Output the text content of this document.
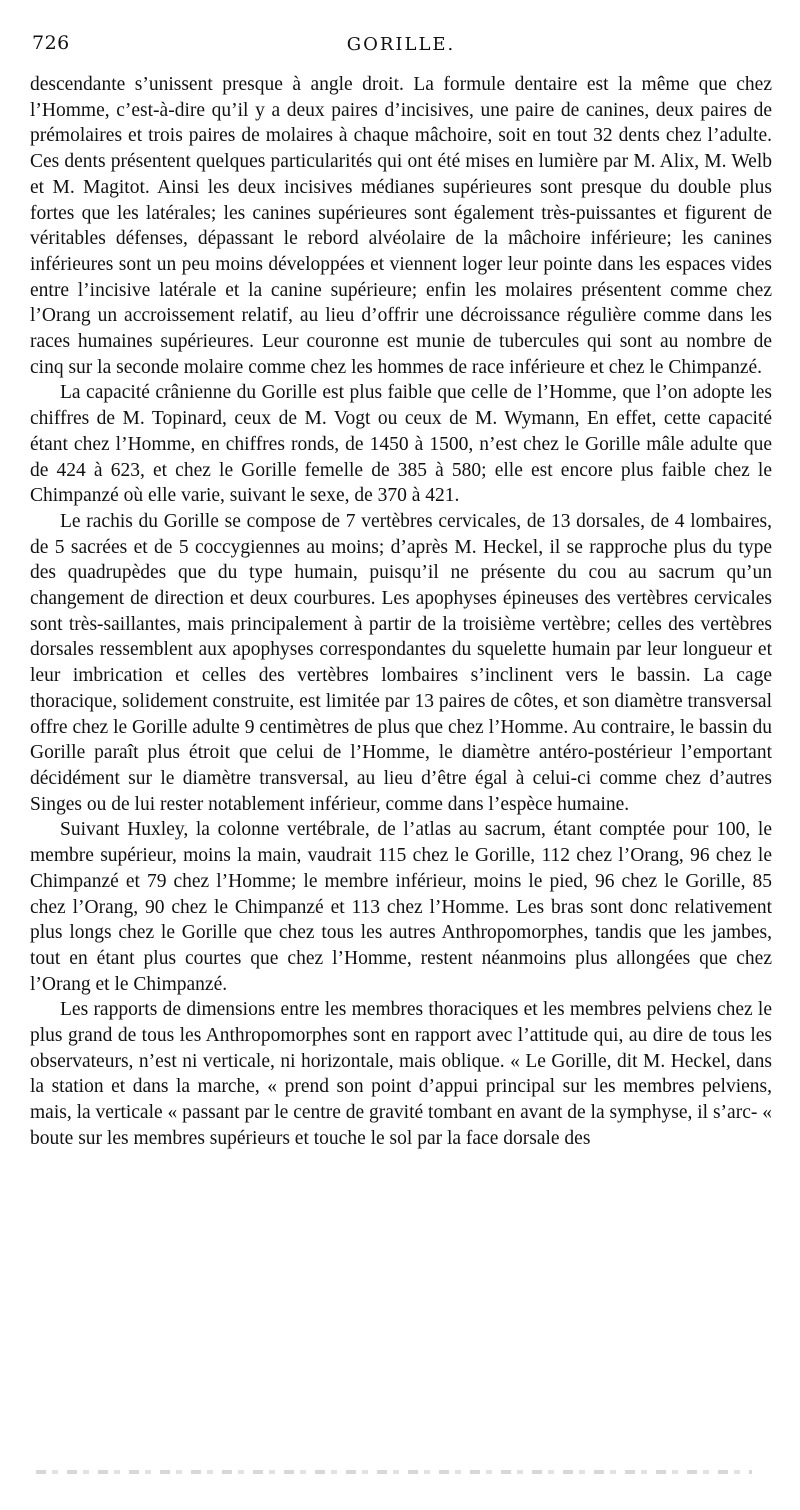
726	GORILLE.

descendante s’unissent presque à angle droit. La formule dentaire est la même que chez l’Homme, c’est-à-dire qu’il y a deux paires d’incisives, une paire de canines, deux paires de prémolaires et trois paires de molaires à chaque mâchoire, soit en tout 32 dents chez l’adulte. Ces dents présentent quelques particularités qui ont été mises en lumière par M. Alix, M. Welb et M. Magitot. Ainsi les deux incisives médianes supérieures sont presque du double plus fortes que les latérales; les canines supérieures sont également très-puissantes et figurent de véritables défenses, dépassant le rebord alvéolaire de la mâchoire inférieure; les canines inférieures sont un peu moins développées et viennent loger leur pointe dans les espaces vides entre l’incisive latérale et la canine supérieure; enfin les molaires présentent comme chez l’Orang un accroissement relatif, au lieu d’offrir une décroissance régulière comme dans les races humaines supérieures. Leur couronne est munie de tubercules qui sont au nombre de cinq sur la seconde molaire comme chez les hommes de race inférieure et chez le Chimpanzé.

La capacité crânienne du Gorille est plus faible que celle de l’Homme, que l’on adopte les chiffres de M. Topinard, ceux de M. Vogt ou ceux de M. Wymann, En effet, cette capacité étant chez l’Homme, en chiffres ronds, de 1450 à 1500, n’est chez le Gorille mâle adulte que de 424 à 623, et chez le Gorille femelle de 385 à 580; elle est encore plus faible chez le Chimpanzé où elle varie, suivant le sexe, de 370 à 421.

Le rachis du Gorille se compose de 7 vertèbres cervicales, de 13 dorsales, de 4 lombaires, de 5 sacrées et de 5 coccygiennes au moins; d’après M. Heckel, il se rapproche plus du type des quadrupèdes que du type humain, puisqu’il ne présente du cou au sacrum qu’un changement de direction et deux courbures. Les apophyses épineuses des vertèbres cervicales sont très-saillantes, mais principalement à partir de la troisième vertèbre; celles des vertèbres dorsales ressemblent aux apophyses correspondantes du squelette humain par leur longueur et leur imbrication et celles des vertèbres lombaires s’inclinent vers le bassin. La cage thoracique, solidement construite, est limitée par 13 paires de côtes, et son diamètre transversal offre chez le Gorille adulte 9 centimètres de plus que chez l’Homme. Au contraire, le bassin du Gorille paraît plus étroit que celui de l’Homme, le diamètre antéro-postérieur l’emportant décidément sur le diamètre transversal, au lieu d’être égal à celui-ci comme chez d’autres Singes ou de lui rester notablement inférieur, comme dans l’espèce humaine.

Suivant Huxley, la colonne vertébrale, de l’atlas au sacrum, étant comptée pour 100, le membre supérieur, moins la main, vaudrait 115 chez le Gorille, 112 chez l’Orang, 96 chez le Chimpanzé et 79 chez l’Homme; le membre inférieur, moins le pied, 96 chez le Gorille, 85 chez l’Orang, 90 chez le Chimpanzé et 113 chez l’Homme. Les bras sont donc relativement plus longs chez le Gorille que chez tous les autres Anthropomorphes, tandis que les jambes, tout en étant plus courtes que chez l’Homme, restent néanmoins plus allongées que chez l’Orang et le Chimpanzé.

Les rapports de dimensions entre les membres thoraciques et les membres pelviens chez le plus grand de tous les Anthropomorphes sont en rapport avec l’attitude qui, au dire de tous les observateurs, n’est ni verticale, ni horizontale, mais oblique. « Le Gorille, dit M. Heckel, dans la station et dans la marche, « prend son point d’appui principal sur les membres pelviens, mais, la verticale « passant par le centre de gravité tombant en avant de la symphyse, il s’arc- « boute sur les membres supérieurs et touche le sol par la face dorsale des
